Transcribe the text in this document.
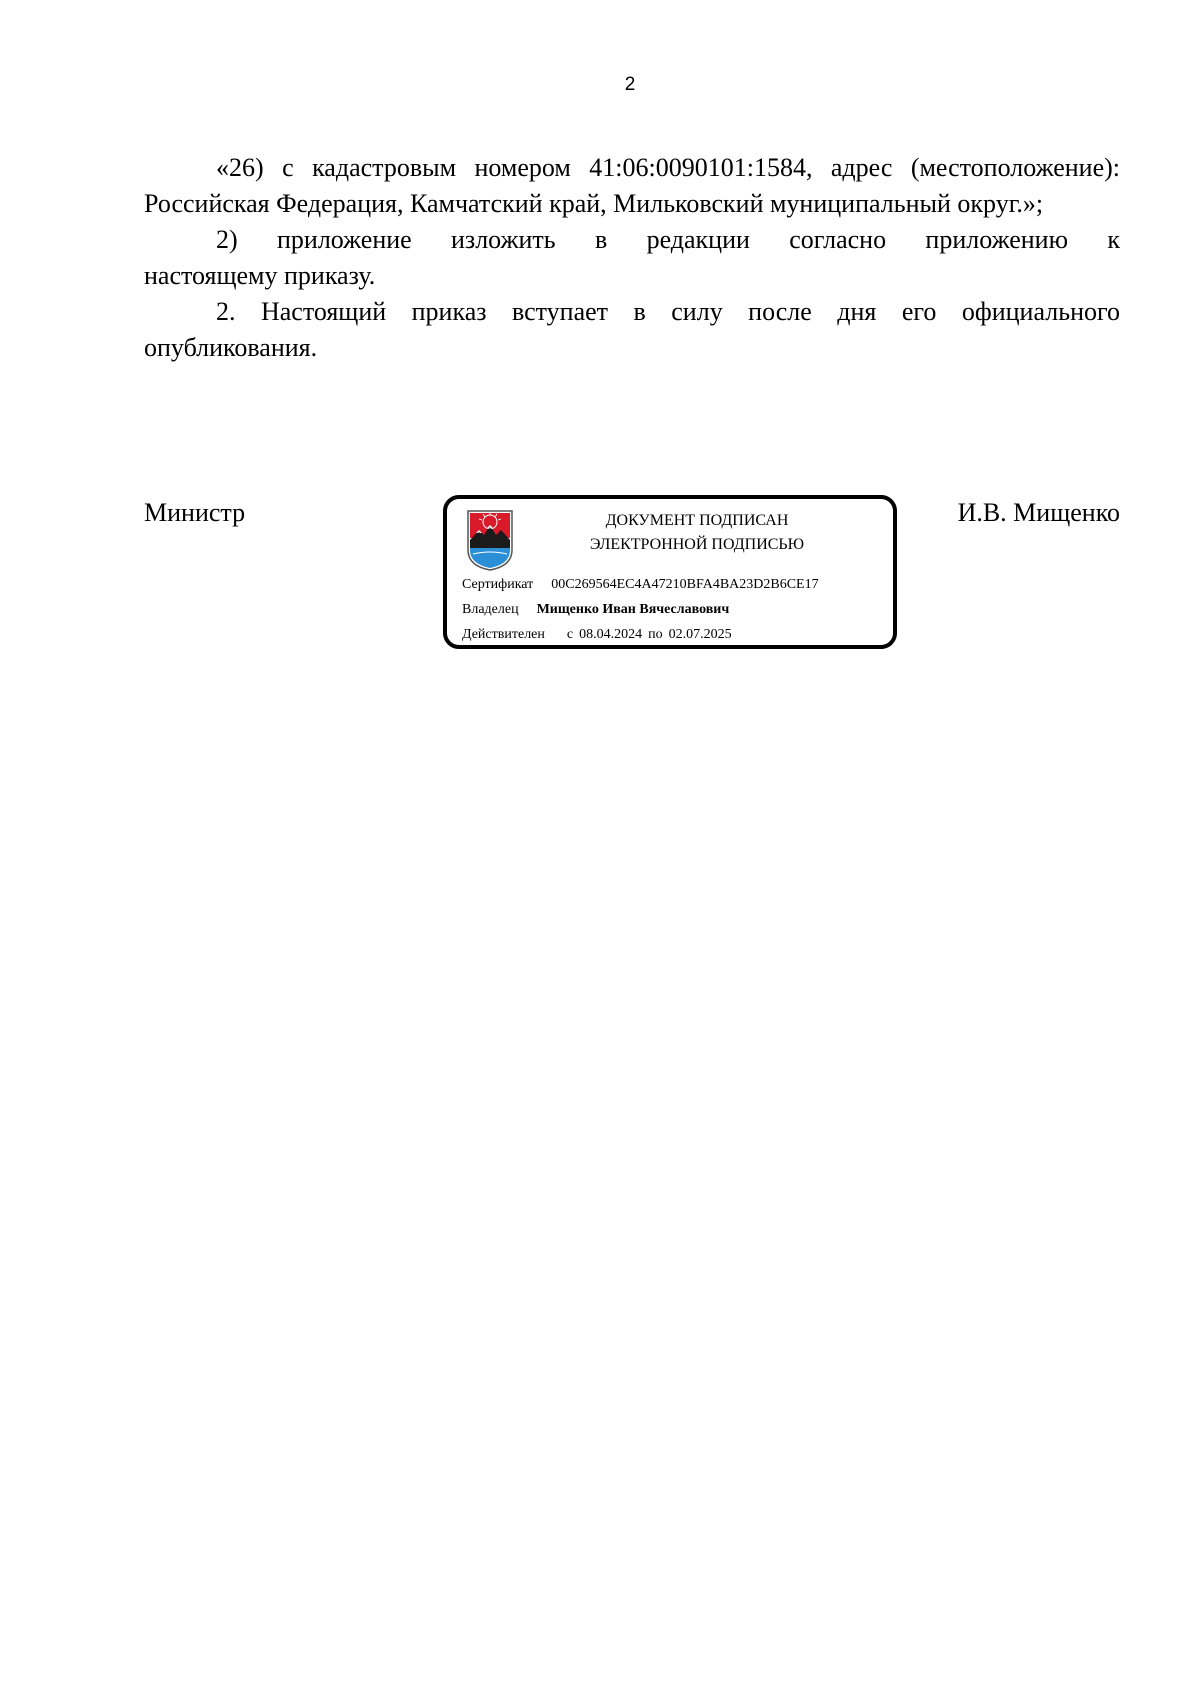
2

«26) с кадастровым номером 41:06:0090101:1584, адрес (местоположение): Российская Федерация, Камчатский край, Мильковский муниципальный округ.»;

2) приложение изложить в редакции согласно приложению к

настоящему приказу.

2. Настоящий приказ вступает в силу после дня его официального

опубликования.

Министр	И.В. Мищенко
ДОКУМЕНТ ПОДПИСАН
ЭЛЕКТРОННОЙ ПОДПИСЬЮ
Сертификат 00C269564EC4A47210BFA4BA23D2B6CE17
Владелец Мищенко Иван Вячеславович
Действителен с 08.04.2024 по 02.07.2025
